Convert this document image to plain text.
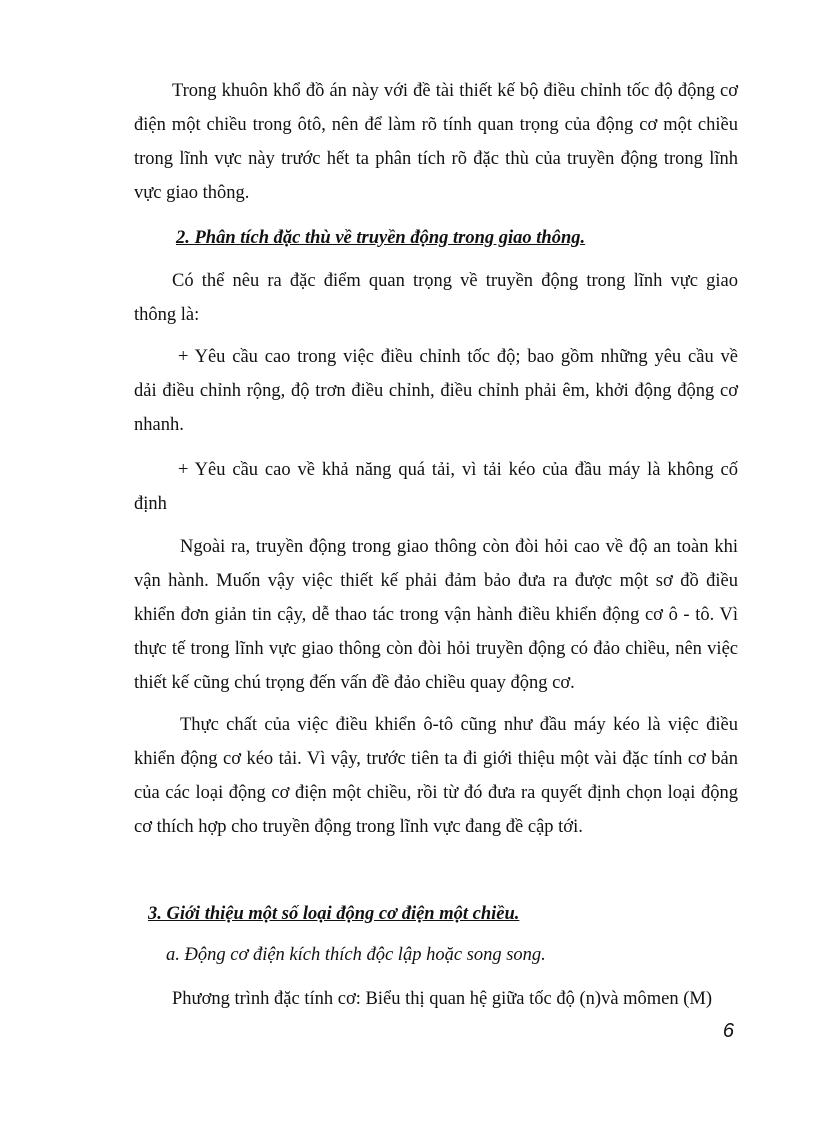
Trong khuôn khổ đồ án này với đề tài thiết kế bộ điều chỉnh tốc độ động cơ
điện một chiều trong ôtô, nên để làm rõ tính quan trọng của động cơ một chiều
trong lĩnh vực này trước hết ta phân tích rõ đặc thù của truyền động trong lĩnh
vực giao thông.

2. Phân tích đặc thù về truyền động trong giao thông.

Có thể nêu ra đặc điểm quan trọng về truyền động trong lĩnh vực giao
thông là:
+ Yêu cầu cao trong việc điều chỉnh tốc độ; bao gồm những yêu cầu về
dải điều chỉnh rộng, độ trơn điều chỉnh, điều chỉnh phải êm, khởi động động cơ
nhanh.
+ Yêu cầu cao về khả năng quá tải, vì tải kéo của đầu máy là không cố
định
Ngoài ra, truyền động trong giao thông còn đòi hỏi cao về độ an toàn khi
vận hành. Muốn vậy việc thiết kế phải đảm bảo đưa ra được một sơ đồ điều
khiển đơn giản tin cậy, dễ thao tác trong vận hành điều khiển động cơ ô - tô. Vì
thực tế trong lĩnh vực giao thông còn đòi hỏi truyền động có đảo chiều, nên việc
thiết kế cũng chú trọng đến vấn đề đảo chiều quay động cơ.
Thực chất của việc điều khiển ô-tô cũng như đầu máy kéo là việc điều
khiển động cơ kéo tải. Vì vậy, trước tiên ta đi giới thiệu một vài đặc tính cơ bản
của các loại động cơ điện một chiều, rồi từ đó đưa ra quyết định chọn loại động
cơ thích hợp cho truyền động trong lĩnh vực đang đề cập tới.

3. Giới thiệu một số loại động cơ điện một chiều.

a. Động cơ điện kích thích độc lập hoặc song song.

Phương trình đặc tính cơ: Biểu thị quan hệ giữa tốc độ (n)và mômen (M)

6
